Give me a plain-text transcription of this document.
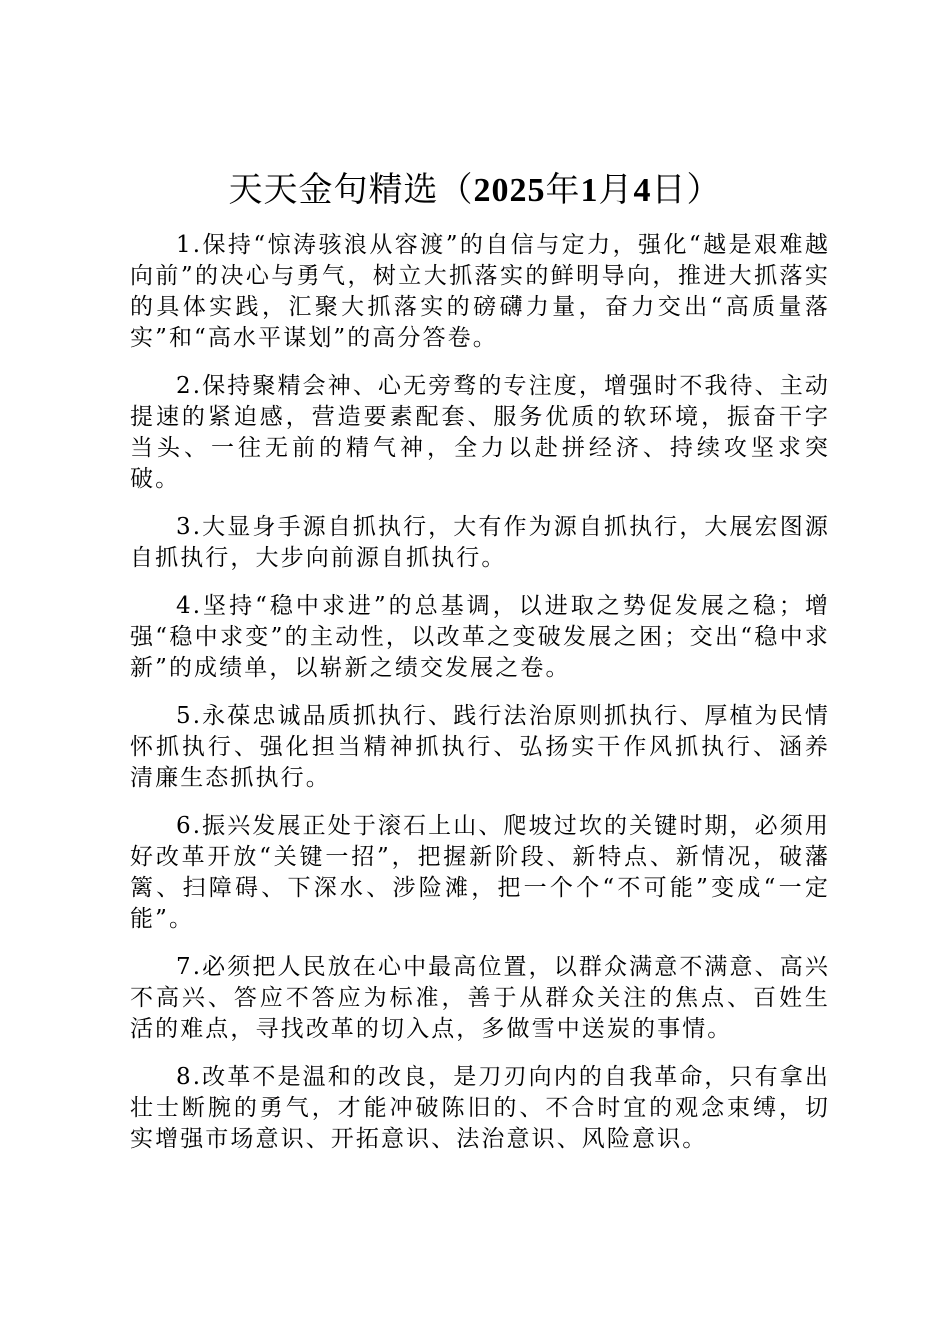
天天金句精选（2025年1月4日）

1.保持“惊涛骇浪从容渡”的自信与定力，强化“越是艰难越向前”的决心与勇气，树立大抓落实的鲜明导向，推进大抓落实的具体实践，汇聚大抓落实的磅礴力量，奋力交出“高质量落实”和“高水平谋划”的高分答卷。

2.保持聚精会神、心无旁骛的专注度，增强时不我待、主动提速的紧迫感，营造要素配套、服务优质的软环境，振奋干字当头、一往无前的精气神，全力以赴拼经济、持续攻坚求突破。

3.大显身手源自抓执行，大有作为源自抓执行，大展宏图源自抓执行，大步向前源自抓执行。

4.坚持“稳中求进”的总基调，以进取之势促发展之稳；增强“稳中求变”的主动性，以改革之变破发展之困；交出“稳中求新”的成绩单，以崭新之绩交发展之卷。

5.永葆忠诚品质抓执行、践行法治原则抓执行、厚植为民情怀抓执行、强化担当精神抓执行、弘扬实干作风抓执行、涵养清廉生态抓执行。

6.振兴发展正处于滚石上山、爬坡过坎的关键时期，必须用好改革开放“关键一招”，把握新阶段、新特点、新情况，破藩篱、扫障碍、下深水、涉险滩，把一个个“不可能”变成“一定能”。

7.必须把人民放在心中最高位置，以群众满意不满意、高兴不高兴、答应不答应为标准，善于从群众关注的焦点、百姓生活的难点，寻找改革的切入点，多做雪中送炭的事情。

8.改革不是温和的改良，是刀刃向内的自我革命，只有拿出壮士断腕的勇气，才能冲破陈旧的、不合时宜的观念束缚，切实增强市场意识、开拓意识、法治意识、风险意识。
